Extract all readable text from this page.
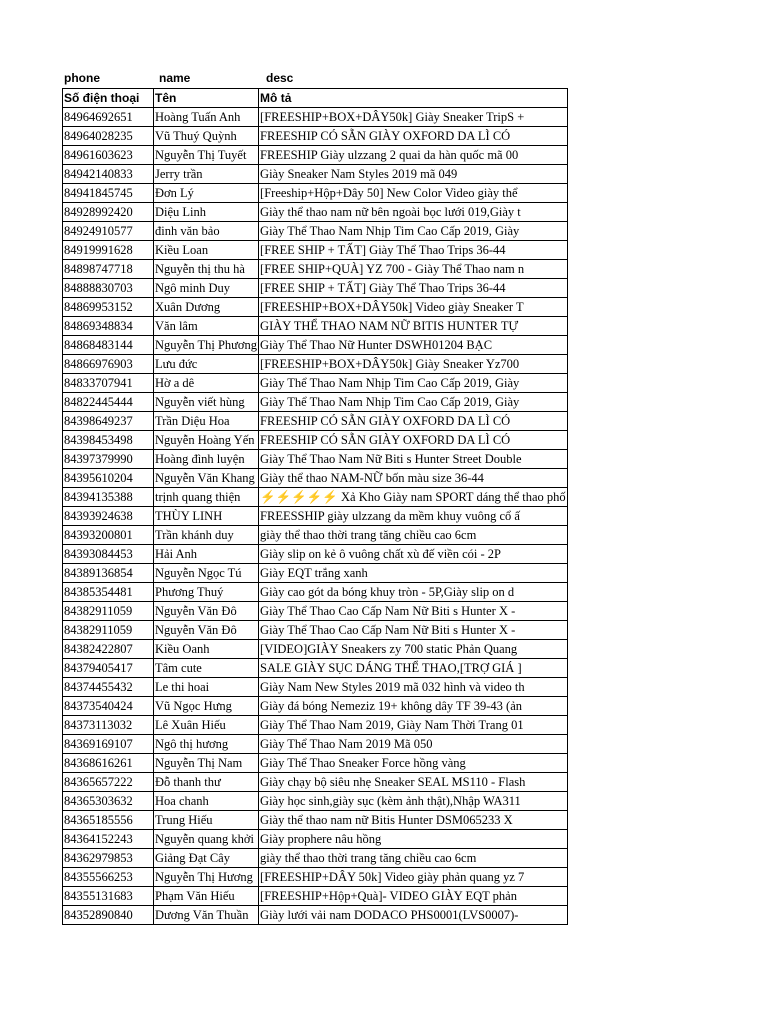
phone	name	desc
Số điện thoại	Tên	Mô tả
84964692651	Hoàng Tuấn Anh	[FREESHIP+BOX+DÂY50k] Giày Sneaker TripS +
84964028235	Vũ Thuý Quỳnh	FREESHIP CÓ SẴN GIÀY OXFORD DA LÌ CÓ
84961603623	Nguyễn Thị Tuyết	FREESHIP Giày ulzzang 2 quai da hàn quốc mã 00
84942140833	Jerry trần	Giày Sneaker Nam Styles 2019 mã 049
84941845745	Đơn Lý	[Freeship+Hộp+Dây 50] New Color Video giày thể
84928992420	Diệu Linh	Giày thể thao nam nữ bên ngoài bọc lưới 019,Giày t
84924910577	đinh văn bảo	Giày Thể Thao Nam Nhịp Tim Cao Cấp 2019, Giày
84919991628	Kiều Loan	[FREE SHIP + TẤT] Giày Thể Thao Trips 36-44
84898747718	Nguyễn thị thu hà	[FREE SHIP+QUÀ] YZ 700 - Giày Thể Thao nam n
84888830703	Ngô minh Duy	[FREE SHIP + TẤT] Giày Thể Thao Trips 36-44
84869953152	Xuân Dương	[FREESHIP+BOX+DÂY50k] Video giày Sneaker T
84869348834	Văn lâm	GIÀY THỂ THAO NAM NỮ BITIS HUNTER TỰ
84868483144	Nguyễn Thị Phương	Giày Thể Thao Nữ Hunter DSWH01204 BẠC
84866976903	Lưu đức	[FREESHIP+BOX+DÂY50k] Giày Sneaker Yz700
84833707941	Hờ a dê	Giày Thể Thao Nam Nhịp Tim Cao Cấp 2019, Giày
84822445444	Nguyễn viết hùng	Giày Thể Thao Nam Nhịp Tim Cao Cấp 2019, Giày
84398649237	Trần Diệu Hoa	FREESHIP CÓ SẴN GIÀY OXFORD DA LÌ CÓ
84398453498	Nguyễn Hoàng Yến	FREESHIP CÓ SẴN GIÀY OXFORD DA LÌ CÓ
84397379990	Hoàng đình luyện	Giày Thể Thao Nam Nữ Biti s Hunter Street Double
84395610204	Nguyễn Văn Khang	Giày thể thao NAM-NỮ bốn màu size 36-44
84394135388	trịnh quang thiện	⚡⚡⚡⚡⚡ Xả Kho Giày nam SPORT dáng thể thao phố
84393924638	THÙY LINH	FREESSHIP giày ulzzang da mềm khuy vuông cổ ấ
84393200801	Trần khánh duy	giày thể thao thời trang tăng chiều cao 6cm
84393084453	Hải Anh	Giày slip on kẻ ô vuông chất xù đế viền cói - 2P
84389136854	Nguyễn Ngọc Tú	Giày EQT trắng xanh
84385354481	Phương Thuý	Giày cao gót da bóng khuy tròn - 5P,Giày slip on d
84382911059	Nguyễn Văn Đô	Giày Thể Thao Cao Cấp Nam Nữ Biti s Hunter X -
84382911059	Nguyễn Văn Đô	Giày Thể Thao Cao Cấp Nam Nữ Biti s Hunter X -
84382422807	Kiều Oanh	[VIDEO]GIÀY Sneakers zy 700 static Phản Quang
84379405417	Tâm cute	SALE GIÀY SỤC DÁNG THỂ THAO,[TRỢ GIÁ ]
84374455432	Le thi hoai	Giày Nam New Styles 2019 mã 032 hình và video th
84373540424	Vũ Ngọc Hưng	Giày đá bóng Nemeziz 19+ không dây TF 39-43 (ản
84373113032	Lê Xuân Hiếu	Giày Thể Thao Nam 2019, Giày Nam Thời Trang 01
84369169107	Ngô thị hương	Giày Thể Thao Nam 2019 Mã 050
84368616261	Nguyễn Thị Nam	Giày Thể Thao Sneaker Force hồng vàng
84365657222	Đỗ thanh thư	Giày chạy bộ siêu nhẹ Sneaker SEAL MS110 - Flash
84365303632	Hoa chanh	Giày học sinh,giày sục (kèm ảnh thật),Nhập WA311
84365185556	Trung Hiếu	Giày thể thao nam nữ Bitis Hunter DSM065233 X
84364152243	Nguyễn quang khởi	Giày prophere nâu hồng
84362979853	Giảng Đạt Cây	giày thể thao thời trang tăng chiều cao 6cm
84355566253	Nguyễn Thị Hương	[FREESHIP+DÂY 50k] Video giày phản quang yz 7
84355131683	Phạm Văn Hiếu	[FREESHIP+Hộp+Quà]- VIDEO GIÀY EQT phản
84352890840	Dương Văn Thuần	Giày lưới vải nam DODACO PHS0001(LVS0007)-
